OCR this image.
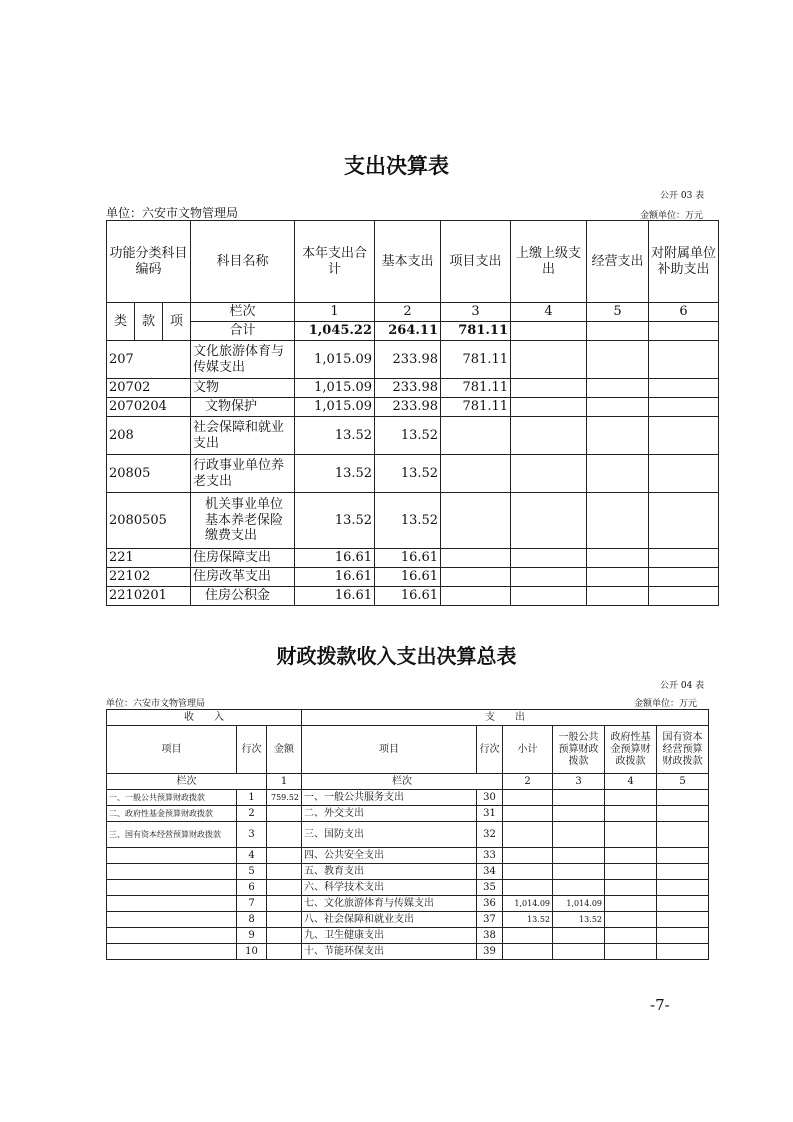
支出决算表
公开 03 表
单位：六安市文物管理局	金额单位：万元
功能分类科目编码			科目名称	本年支出合计	基本支出	项目支出	上缴上级支出	经营支出	对附属单位补助支出
类	款	项	栏次	1	2	3	4	5	6
			合计	1,045.22	264.11	781.11			
207			文化旅游体育与传媒支出	1,015.09	233.98	781.11			
20702			文物	1,015.09	233.98	781.11			
2070204			文物保护	1,015.09	233.98	781.11			
208			社会保障和就业支出	13.52	13.52				
20805			行政事业单位养老支出	13.52	13.52				
2080505			机关事业单位基本养老保险缴费支出	13.52	13.52				
221			住房保障支出	16.61	16.61				
22102			住房改革支出	16.61	16.61				
2210201			住房公积金	16.61	16.61				
财政拨款收入支出决算总表
公开 04 表
单位：六安市文物管理局	金额单位：万元
收　　入			支　　出					
项目	行次	金额	项目	行次	小计	一般公共预算财政拨款	政府性基金预算财政拨款	国有资本经营预算财政拨款
栏次		1	栏次		2	3	4	5
一、一般公共预算财政拨款	1	759.52	一、一般公共服务支出	30				
二、政府性基金预算财政拨款	2		二、外交支出	31				
三、国有资本经营预算财政拨款	3		三、国防支出	32				
	4		四、公共安全支出	33				
	5		五、教育支出	34				
	6		六、科学技术支出	35				
	7		七、文化旅游体育与传媒支出	36	1,014.09	1,014.09		
	8		八、社会保障和就业支出	37	13.52	13.52		
	9		九、卫生健康支出	38				
	10		十、节能环保支出	39				
-7-
